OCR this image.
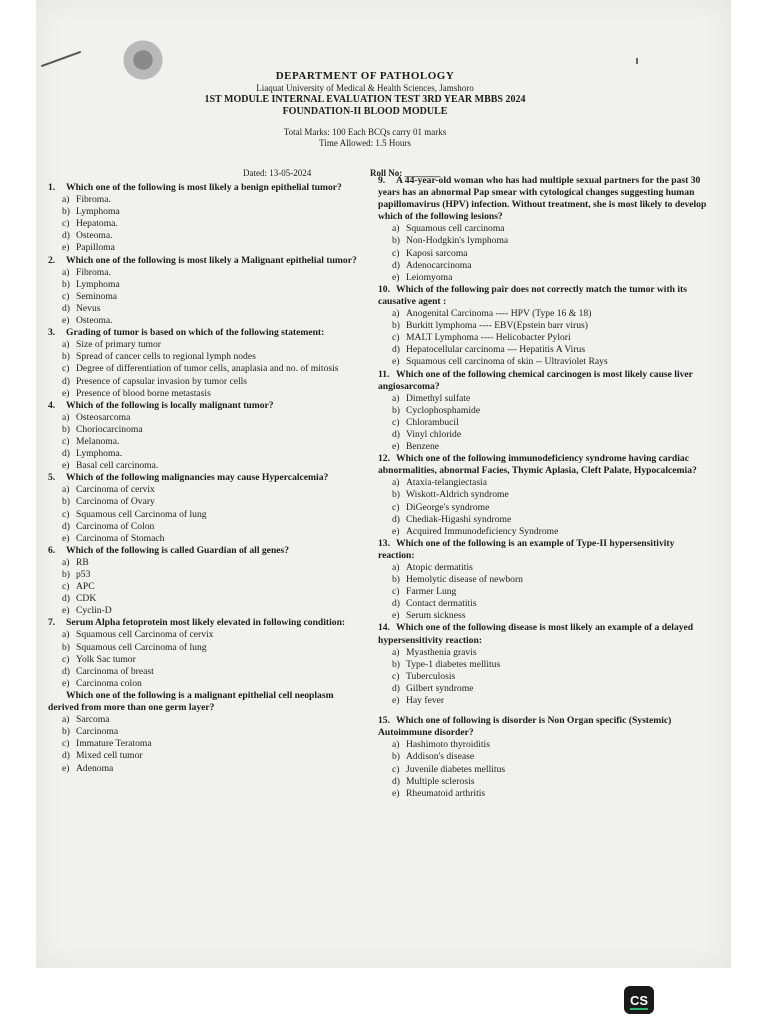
DEPARTMENT OF PATHOLOGY
Liaquat University of Medical & Health Sciences, Jamshoro
1ST MODULE INTERNAL EVALUATION TEST 3RD YEAR MBBS 2024
FOUNDATION-II BLOOD MODULE
Total Marks: 100 Each BCQs carry 01 marks
Time Allowed: 1.5 Hours
Dated: 13-05-2024	Roll No: ________
1. Which one of the following is most likely a benign epithelial tumor?
a) Fibroma.
b) Lymphoma
c) Hepatoma.
d) Osteoma.
e) Papilloma
2. Which one of the following is most likely a Malignant epithelial tumor?
a) Fibroma.
b) Lymphoma
c) Seminoma
d) Nevus
e) Osteoma.
3. Grading of tumor is based on which of the following statement:
a) Size of primary tumor
b) Spread of cancer cells to regional lymph nodes
c) Degree of differentiation of tumor cells, anaplasia and no. of mitosis
d) Presence of capsular invasion by tumor cells
e) Presence of blood borne metastasis
4. Which of the following is locally malignant tumor?
a) Osteosarcoma
b) Choriocarcinoma
c) Melanoma.
d) Lymphoma.
e) Basal cell carcinoma.
5. Which of the following malignancies may cause Hypercalcemia?
a) Carcinoma of cervix
b) Carcinoma of Ovary
c) Squamous cell Carcinoma of lung
d) Carcinoma of Colon
e) Carcinoma of Stomach
6. Which of the following is called Guardian of all genes?
a) RB
b) p53
c) APC
d) CDK
e) Cyclin-D
7. Serum Alpha fetoprotein most likely elevated in following condition:
a) Squamous cell Carcinoma of cervix
b) Squamous cell Carcinoma of lung
c) Yolk Sac tumor
d) Carcinoma of breast
e) Carcinoma colon
Which one of the following is a malignant epithelial cell neoplasm derived from more than one germ layer?
a) Sarcoma
b) Carcinoma
c) Immature Teratoma
d) Mixed cell tumor
e) Adenoma
9. A 44-year-old woman who has had multiple sexual partners for the past 30 years has an abnormal Pap smear with cytological changes suggesting human papillomavirus (HPV) infection. Without treatment, she is most likely to develop which of the following lesions?
a) Squamous cell carcinoma
b) Non-Hodgkin's lymphoma
c) Kaposi sarcoma
d) Adenocarcinoma
e) Leiomyoma
10. Which of the following pair does not correctly match the tumor with its causative agent :
a) Anogenital Carcinoma ---- HPV (Type 16 & 18)
b) Burkitt lymphoma ---- EBV(Epstein barr virus)
c) MALT Lymphoma ---- Helicobacter Pylori
d) Hepatocellular carcinoma --- Hepatitis A Virus
e) Squamous cell carcinoma of skin -- Ultraviolet Rays
11. Which one of the following chemical carcinogen is most likely cause liver angiosarcoma?
a) Dimethyl sulfate
b) Cyclophosphamide
c) Chlorambucil
d) Vinyl chloride
e) Benzene
12. Which one of the following immunodeficiency syndrome having cardiac abnormalities, abnormal Facies, Thymic Aplasia, Cleft Palate, Hypocalcemia?
a) Ataxia-telangiectasia
b) Wiskott-Aldrich syndrome
c) DiGeorge's syndrome
d) Chediak-Higashi syndrome
e) Acquired Immunodeficiency Syndrome
13. Which one of the following is an example of Type-II hypersensitivity reaction:
a) Atopic dermatitis
b) Hemolytic disease of newborn
c) Farmer Lung
d) Contact dermatitis
e) Serum sickness
14. Which one of the following disease is most likely an example of a delayed hypersensitivity reaction:
a) Myasthenia gravis
b) Type-1 diabetes mellitus
c) Tuberculosis
d) Gilbert syndrome
e) Hay fever
15. Which one of following is disorder is Non Organ specific (Systemic) Autoimmune disorder?
a) Hashimoto thyroiditis
b) Addison's disease
c) Juvenile diabetes mellitus
d) Multiple sclerosis
e) Rheumatoid arthritis
CS
